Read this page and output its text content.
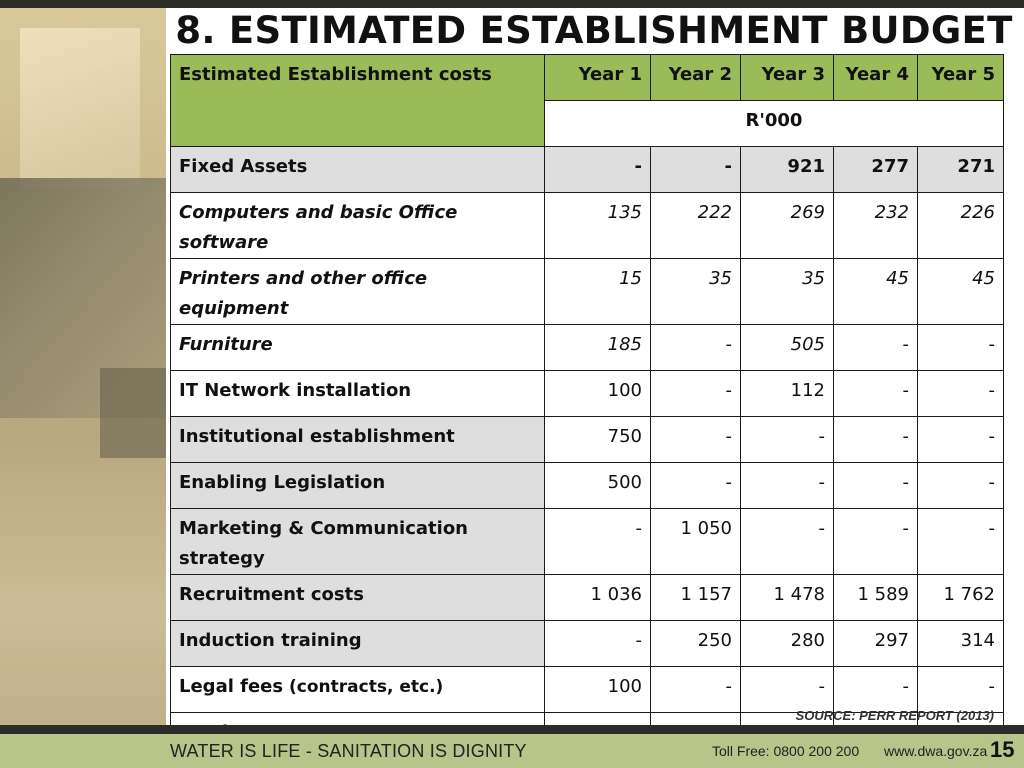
8. ESTIMATED ESTABLISHMENT BUDGET
Estimated Establishment costs	Year 1	Year 2	Year 3	Year 4	Year 5
	R'000				
Fixed Assets	-	-	921	277	271
Computers and basic Office software	135	222	269	232	226
Printers and other office equipment	15	35	35	45	45
Furniture	185	-	505	-	-
IT Network installation	100	-	112	-	-
Institutional establishment	750	-	-	-	-
Enabling Legislation	500	-	-	-	-
Marketing & Communication strategy	-	1 050	-	-	-
Recruitment costs	1 036	1 157	1 478	1 589	1 762
Induction training	-	250	280	297	314
Legal fees (contracts, etc.)	100	-	-	-	-

SOURCE: PERR REPORT (2013)
WATER IS LIFE - SANITATION IS DIGNITY	Toll Free: 0800 200 200 www.dwa.gov.za 15
